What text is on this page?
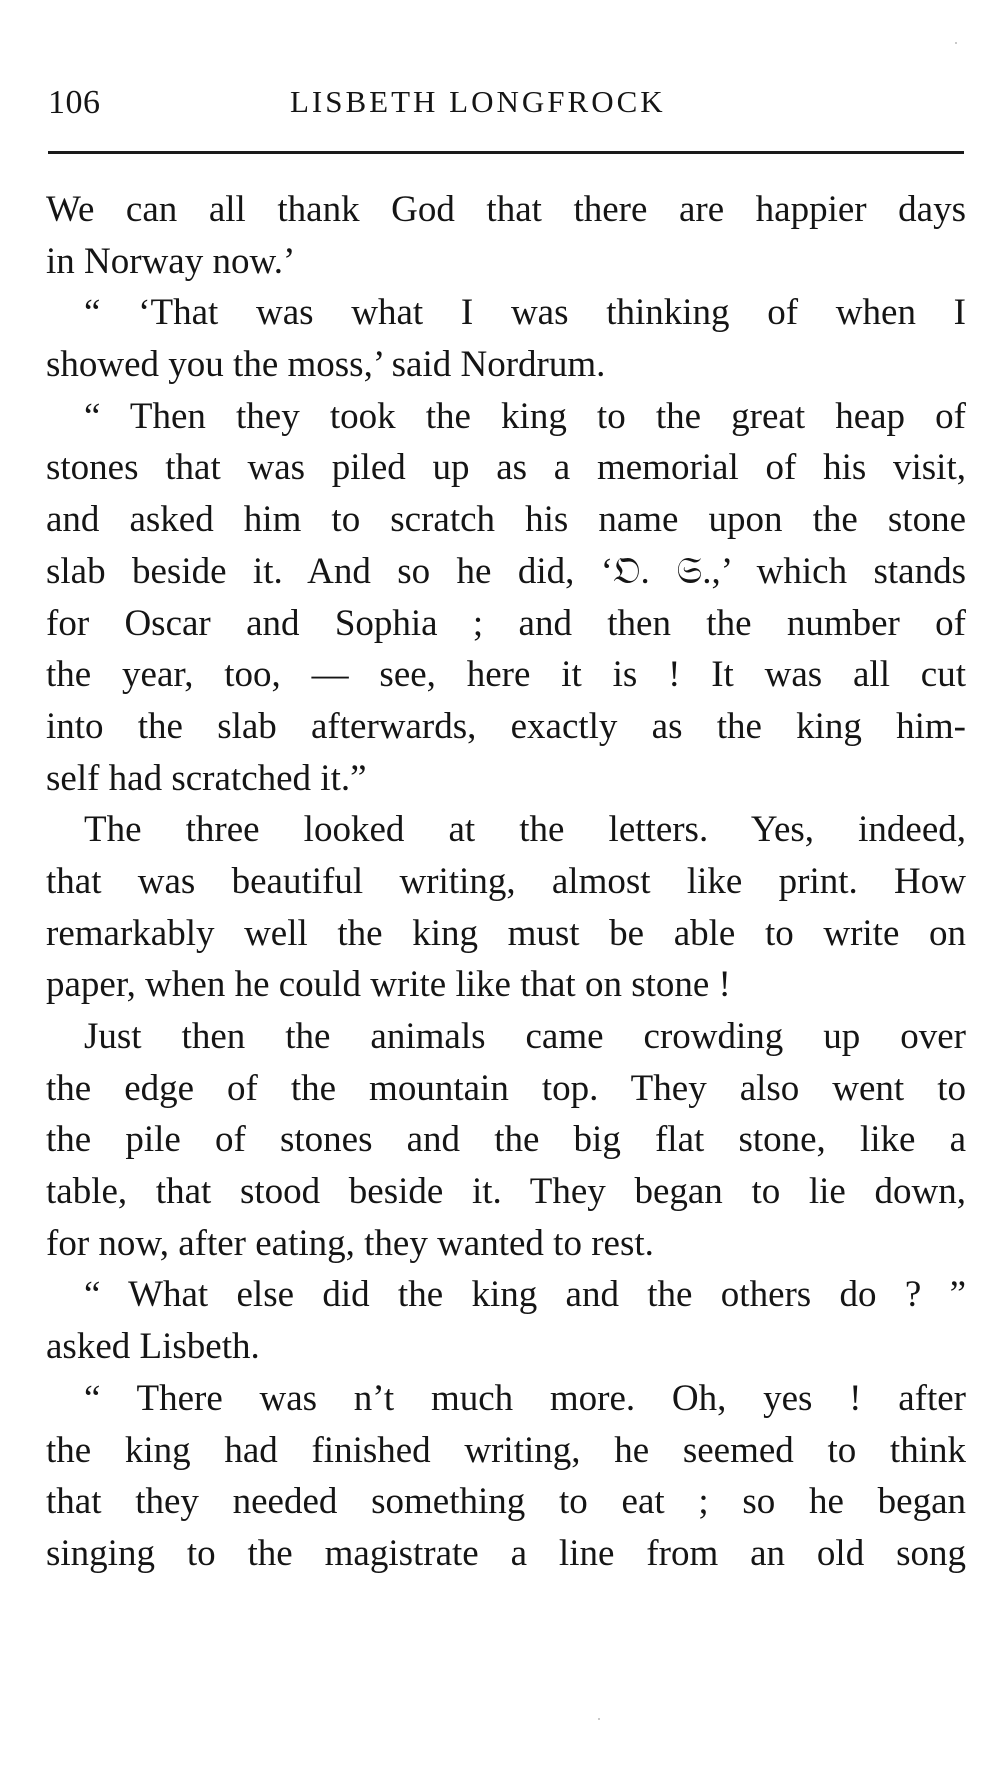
106	LISBETH LONGFROCK
We can all thank God that there are happier days
in Norway now.’
“ ‘That was what I was thinking of when I
showed you the moss,’ said Nordrum.
“ Then they took the king to the great heap of
stones that was piled up as a memorial of his visit,
and asked him to scratch his name upon the stone
slab beside it. And so he did, ‘𝔒. 𝔖.,’ which stands
for Oscar and Sophia ; and then the number of
the year, too, — see, here it is ! It was all cut
into the slab afterwards, exactly as the king him-
self had scratched it.”
The three looked at the letters. Yes, indeed,
that was beautiful writing, almost like print. How
remarkably well the king must be able to write on
paper, when he could write like that on stone !
Just then the animals came crowding up over
the edge of the mountain top. They also went to
the pile of stones and the big flat stone, like a
table, that stood beside it. They began to lie down,
for now, after eating, they wanted to rest.
“ What else did the king and the others do ? ”
asked Lisbeth.
“ There was n’t much more. Oh, yes ! after
the king had finished writing, he seemed to think
that they needed something to eat ; so he began
singing to the magistrate a line from an old song
